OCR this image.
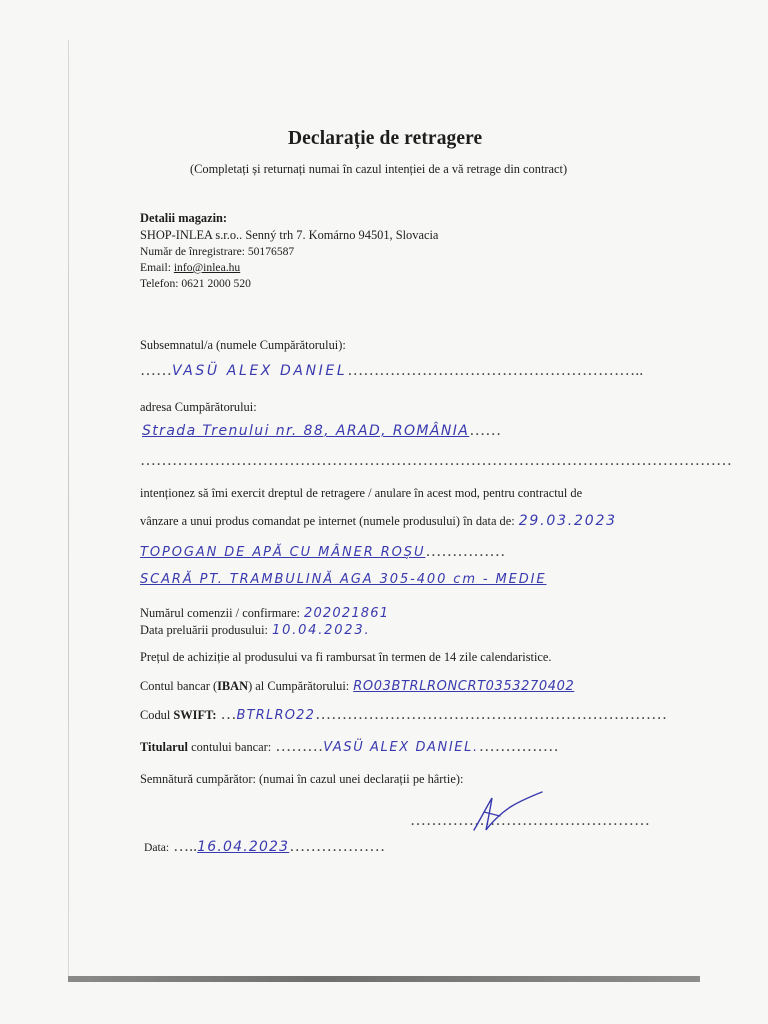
Declarație de retragere
(Completați și returnați numai în cazul intenției de a vă retrage din contract)
Detalii magazin:
SHOP-INLEA s.r.o.. Senný trh 7. Komárno 94501, Slovacia
Număr de înregistrare: 50176587
Email: info@inlea.hu
Telefon: 0621 2000 520
Subsemnatul/a (numele Cumpărătorului):
……VASÜ ALEX DANIEL………………………………………………..
adresa Cumpărătorului:
Strada Trenului nr. 88, ARAD, ROMÂNIA……
…………………………………………………………………………………………………
intenționez să îmi exercit dreptul de retragere / anulare în acest mod, pentru contractul de
vânzare a unui produs comandat pe internet (numele produsului) în data de: 29.03.2023
TOPOGAN DE APĂ CU MÂNER ROȘU……………
SCARĂ PT. TRAMBULINĂ AGA 305-400 cm - MEDIE
Numărul comenzii / confirmare: 202021861
Data preluării produsului: 10.04.2023.
Prețul de achiziție al produsului va fi rambursat în termen de 14 zile calendaristice.
Contul bancar (IBAN) al Cumpărătorului: RO03BTRLRONCRT0353270402
Codul SWIFT: …BTRLRO22…………………………………………………………
Titularul contului bancar: ………VASÜ ALEX DANIEL.……………
Semnătură cumpărător: (numai în cazul unei declarații pe hârtie):
………………………………………
Data: …..16.04.2023………………
